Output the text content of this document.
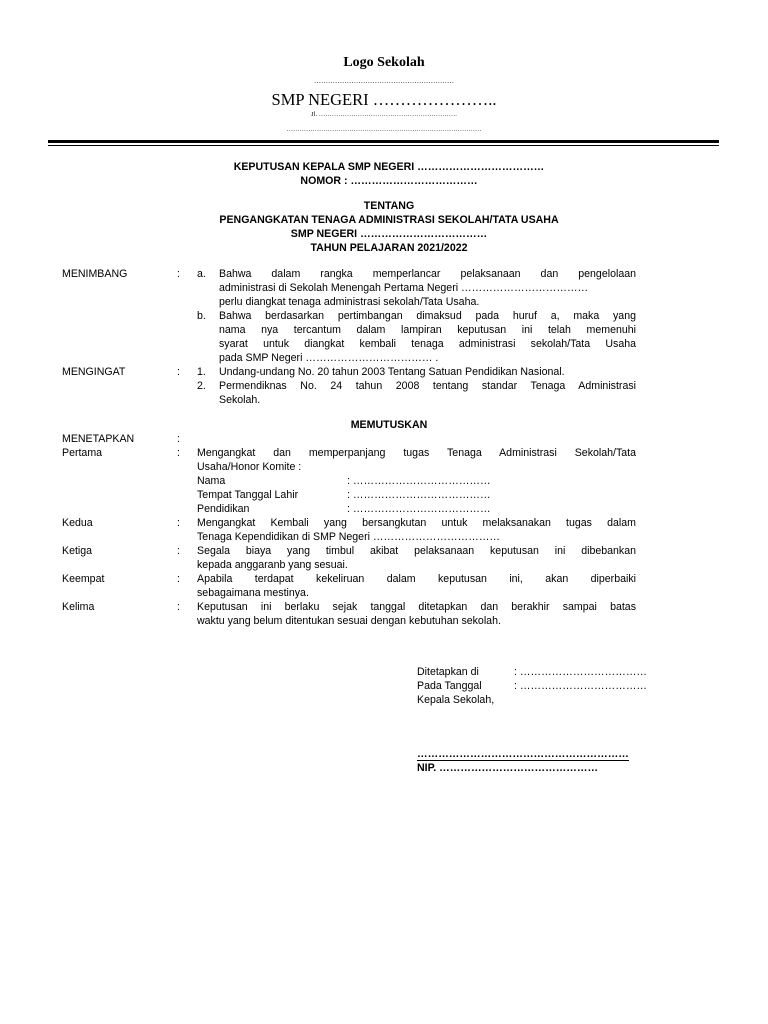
Logo Sekolah
……………………………………………………
SMP NEGERI …………………..
Jl. ……………………………………………………….
………………………………………………………………………………
KEPUTUSAN KEPALA SMP NEGERI ………………………………
NOMOR : ………………………………
TENTANG
PENGANGKATAN TENAGA ADMINISTRASI SEKOLAH/TATA USAHA
SMP NEGERI ………………………………
TAHUN PELAJARAN 2021/2022
MENIMBANG	: a. Bahwa dalam rangka memperlancar pelaksanaan dan pengelolaan
administrasi di Sekolah Menengah Pertama Negeri ………………………………
perlu diangkat tenaga administrasi sekolah/Tata Usaha.
b. Bahwa berdasarkan pertimbangan dimaksud pada huruf a, maka yang
nama nya tercantum dalam lampiran keputusan ini telah memenuhi
syarat untuk diangkat kembali tenaga administrasi sekolah/Tata Usaha
pada SMP Negeri ……………………………… .
MENGINGAT	: 1. Undang-undang No. 20 tahun 2003 Tentang Satuan Pendidikan Nasional.
2. Permendiknas No. 24 tahun 2008 tentang standar Tenaga Administrasi
Sekolah.
MEMUTUSKAN
MENETAPKAN	:
Pertama	: Mengangkat dan memperpanjang tugas Tenaga Administrasi Sekolah/Tata
Usaha/Honor Komite :
Nama	: …………………………………
Tempat Tanggal Lahir	: …………………………………
Pendidikan	: …………………………………
Kedua	: Mengangkat Kembali yang bersangkutan untuk melaksanakan tugas dalam
Tenaga Kependidikan di SMP Negeri ………………………………
Ketiga	: Segala biaya yang timbul akibat pelaksanaan keputusan ini dibebankan
kepada anggaranb yang sesuai.
Keempat	: Apabila terdapat kekeliruan dalam keputusan ini, akan diperbaiki
sebagaimana mestinya.
Kelima	: Keputusan ini berlaku sejak tanggal ditetapkan dan berakhir sampai batas
waktu yang belum ditentukan sesuai dengan kebutuhan sekolah.
Ditetapkan di	: ………………………………
Pada Tanggal	: ………………………………
Kepala Sekolah,
……………………………………………………
NIP. ………………………………………
